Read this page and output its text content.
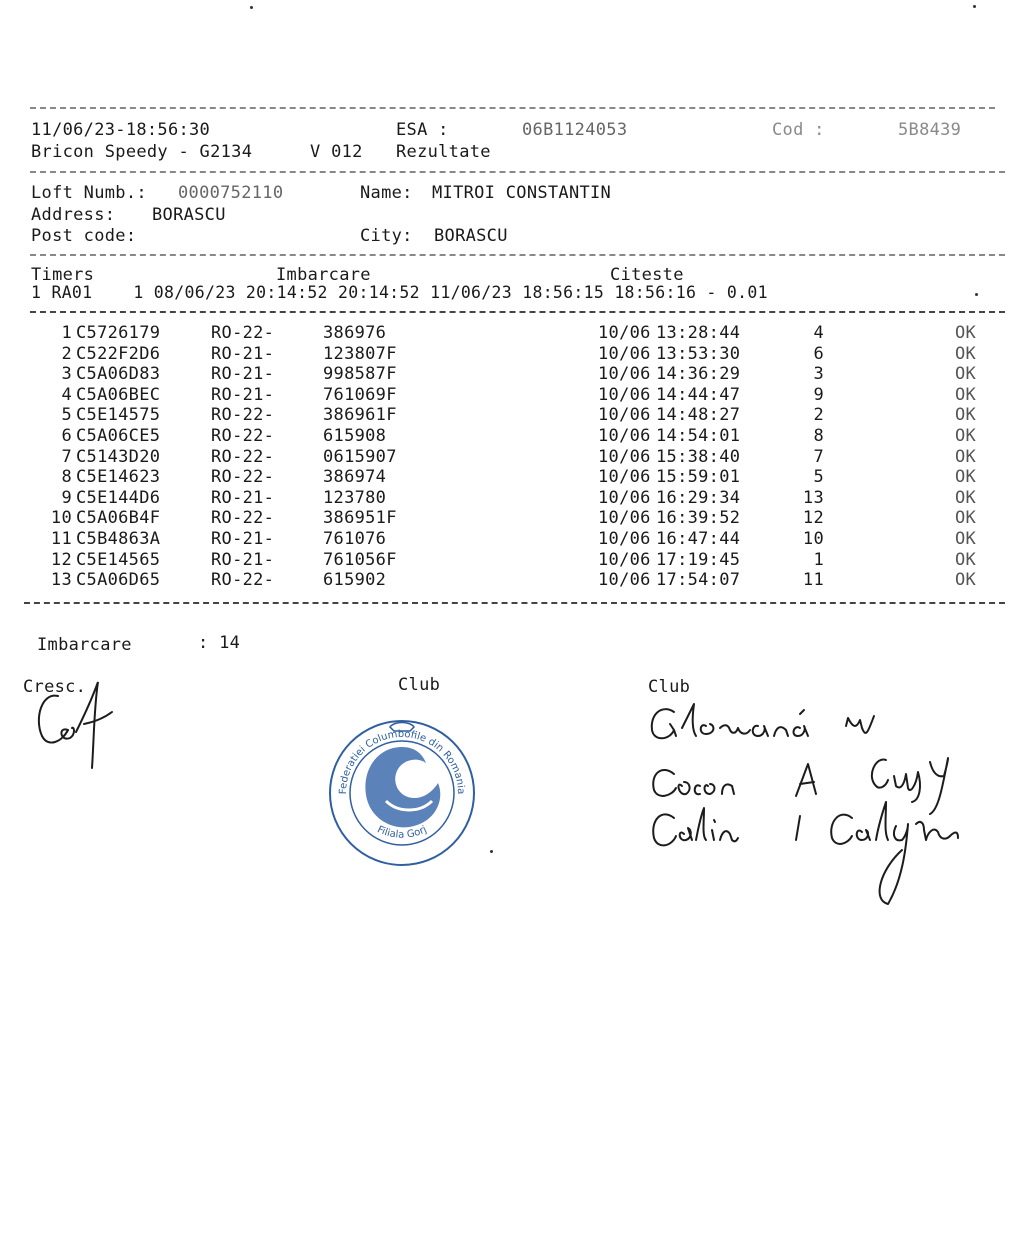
11/06/23-18:56:30	ESA :	06B1124053	Cod :	5B8439
Bricon Speedy - G2134	V 012 Rezultate
Loft Numb.: 0000752110	Name: MITROI CONSTANTIN
Address: BORASCU
Post code:	City: BORASCU
Timers	Imbarcare	Citeste
1 RA01    1 08/06/23 20:14:52 20:14:52 11/06/23 18:56:15 18:56:16 - 0.01
1 C5726179	RO-22-	386976	10/06 13:28:44	4	OK
2 C522F2D6	RO-21-	123807F	10/06 13:53:30	6	OK
3 C5A06D83	RO-21-	998587F	10/06 14:36:29	3	OK
4 C5A06BEC	RO-21-	761069F	10/06 14:44:47	9	OK
5 C5E14575	RO-22-	386961F	10/06 14:48:27	2	OK
6 C5A06CE5	RO-22-	615908	10/06 14:54:01	8	OK
7 C5143D20	RO-22-	0615907	10/06 15:38:40	7	OK
8 C5E14623	RO-22-	386974	10/06 15:59:01	5	OK
9 C5E144D6	RO-21-	123780	10/06 16:29:34	13	OK
10 C5A06B4F	RO-22-	386951F	10/06 16:39:52	12	OK
11 C5B4863A	RO-21-	761076	10/06 16:47:44	10	OK
12 C5E14565	RO-21-	761056F	10/06 17:19:45	1	OK
13 C5A06D65	RO-22-	615902	10/06 17:54:07	11	OK
Imbarcare	: 14
Cresc.	Club	Club
Federatiei Columbofile din Romania
Filiala Gorj
